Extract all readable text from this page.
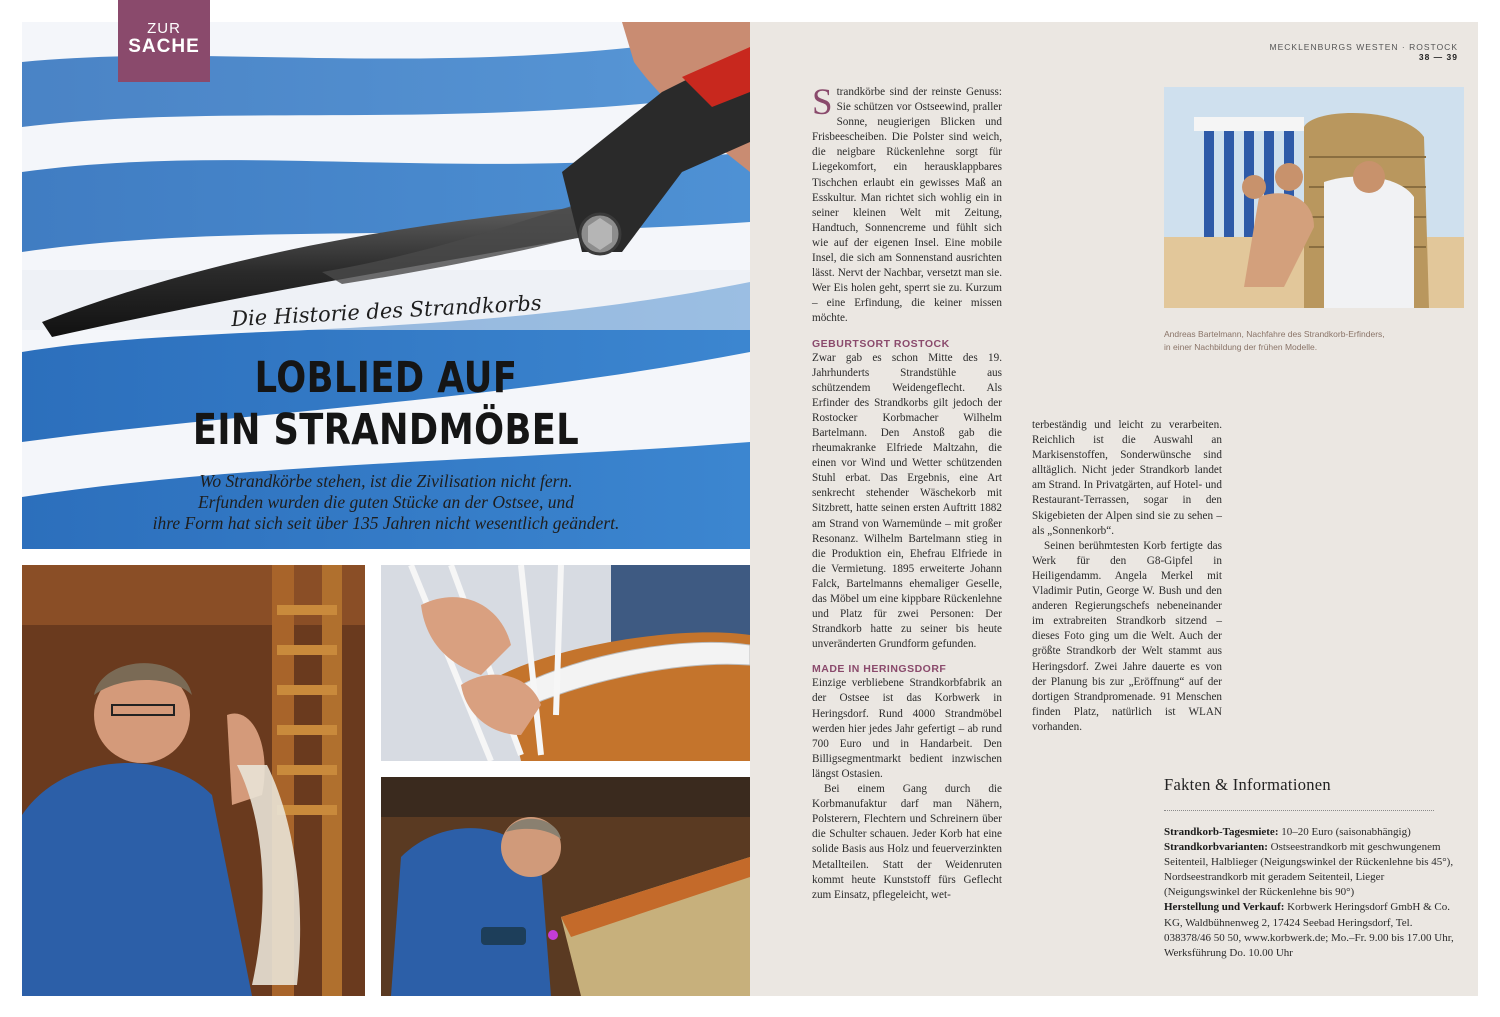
Die Historie des Strandkorbs
LOBLIED AUF
EIN STRANDMÖBEL
Wo Strandkörbe stehen, ist die Zivilisation nicht fern.
Erfunden wurden die guten Stücke an der Ostsee, und
ihre Form hat sich seit über 135 Jahren nicht wesentlich geändert.
ZUR
SACHE	MECKLENBURGS WESTEN · ROSTOCK
38 — 39

Strandkörbe sind der reinste Genuss: Sie schützen vor Ostseewind, praller Sonne, neugierigen Blicken und Frisbeescheiben. Die Polster sind weich, die neigbare Rückenlehne sorgt für Liegekomfort, ein herausklappbares Tischchen erlaubt ein gewisses Maß an Esskultur. Man richtet sich wohlig ein in seiner kleinen Welt mit Zeitung, Handtuch, Sonnencreme und fühlt sich wie auf der eigenen Insel. Eine mobile Insel, die sich am Sonnenstand ausrichten lässt. Nervt der Nachbar, versetzt man sie. Wer Eis holen geht, sperrt sie zu. Kurzum – eine Erfindung, die keiner missen möchte.

GEBURTSORT ROSTOCK

Zwar gab es schon Mitte des 19. Jahrhunderts Strandstühle aus schützendem Weidengeflecht. Als Erfinder des Strandkorbs gilt jedoch der Rostocker Korbmacher Wilhelm Bartelmann. Den Anstoß gab die rheumakranke Elfriede Maltzahn, die einen vor Wind und Wetter schützenden Stuhl erbat. Das Ergebnis, eine Art senkrecht stehender Wäschekorb mit Sitzbrett, hatte seinen ersten Auftritt 1882 am Strand von Warnemünde – mit großer Resonanz. Wilhelm Bartelmann stieg in die Produktion ein, Ehefrau Elfriede in die Vermietung. 1895 erweiterte Johann Falck, Bartelmanns ehemaliger Geselle, das Möbel um eine kippbare Rückenlehne und Platz für zwei Personen: Der Strandkorb hatte zu seiner bis heute unveränderten Grundform gefunden.

MADE IN HERINGSDORF

Einzige verbliebene Strandkorbfabrik an der Ostsee ist das Korbwerk in Heringsdorf. Rund 4000 Strandmöbel werden hier jedes Jahr gefertigt – ab rund 700 Euro und in Handarbeit. Den Billigsegmentmarkt bedient inzwischen längst Ostasien.

Bei einem Gang durch die Korbmanufaktur darf man Nähern, Polsterern, Flechtern und Schreinern über die Schulter schauen. Jeder Korb hat eine solide Basis aus Holz und feuerverzinkten Metallteilen. Statt der Weidenruten kommt heute Kunststoff fürs Geflecht zum Einsatz, pflegeleicht, wet-

terbeständig und leicht zu verarbeiten. Reichlich ist die Auswahl an Markisenstoffen, Sonderwünsche sind alltäglich. Nicht jeder Strandkorb landet am Strand. In Privatgärten, auf Hotel- und Restaurant-Terrassen, sogar in den Skigebieten der Alpen sind sie zu sehen – als „Sonnenkorb“.

Seinen berühmtesten Korb fertigte das Werk für den G8-Gipfel in Heiligendamm. Angela Merkel mit Vladimir Putin, George W. Bush und den anderen Regierungschefs nebeneinander im extrabreiten Strandkorb sitzend – dieses Foto ging um die Welt. Auch der größte Strandkorb der Welt stammt aus Heringsdorf. Zwei Jahre dauerte es von der Planung bis zur „Eröffnung“ auf der dortigen Strandpromenade. 91 Menschen finden Platz, natürlich ist WLAN vorhanden.

Andreas Bartelmann, Nachfahre des Strandkorb-Erfinders,
in einer Nachbildung der frühen Modelle.
Fakten & Informationen
Strandkorb-Tagesmiete: 10–20 Euro (saisonabhängig)
Strandkorbvarianten: Ostseestrandkorb mit geschwungenem Seitenteil, Halblieger (Neigungswinkel der Rückenlehne bis 45°), Nordseestrandkorb mit geradem Seitenteil, Lieger (Neigungswinkel der Rückenlehne bis 90°)
Herstellung und Verkauf: Korbwerk Heringsdorf GmbH & Co. KG, Waldbühnenweg 2, 17424 Seebad Heringsdorf, Tel. 038378/46 50 50, www.korbwerk.de; Mo.–Fr. 9.00 bis 17.00 Uhr, Werksführung Do. 10.00 Uhr
